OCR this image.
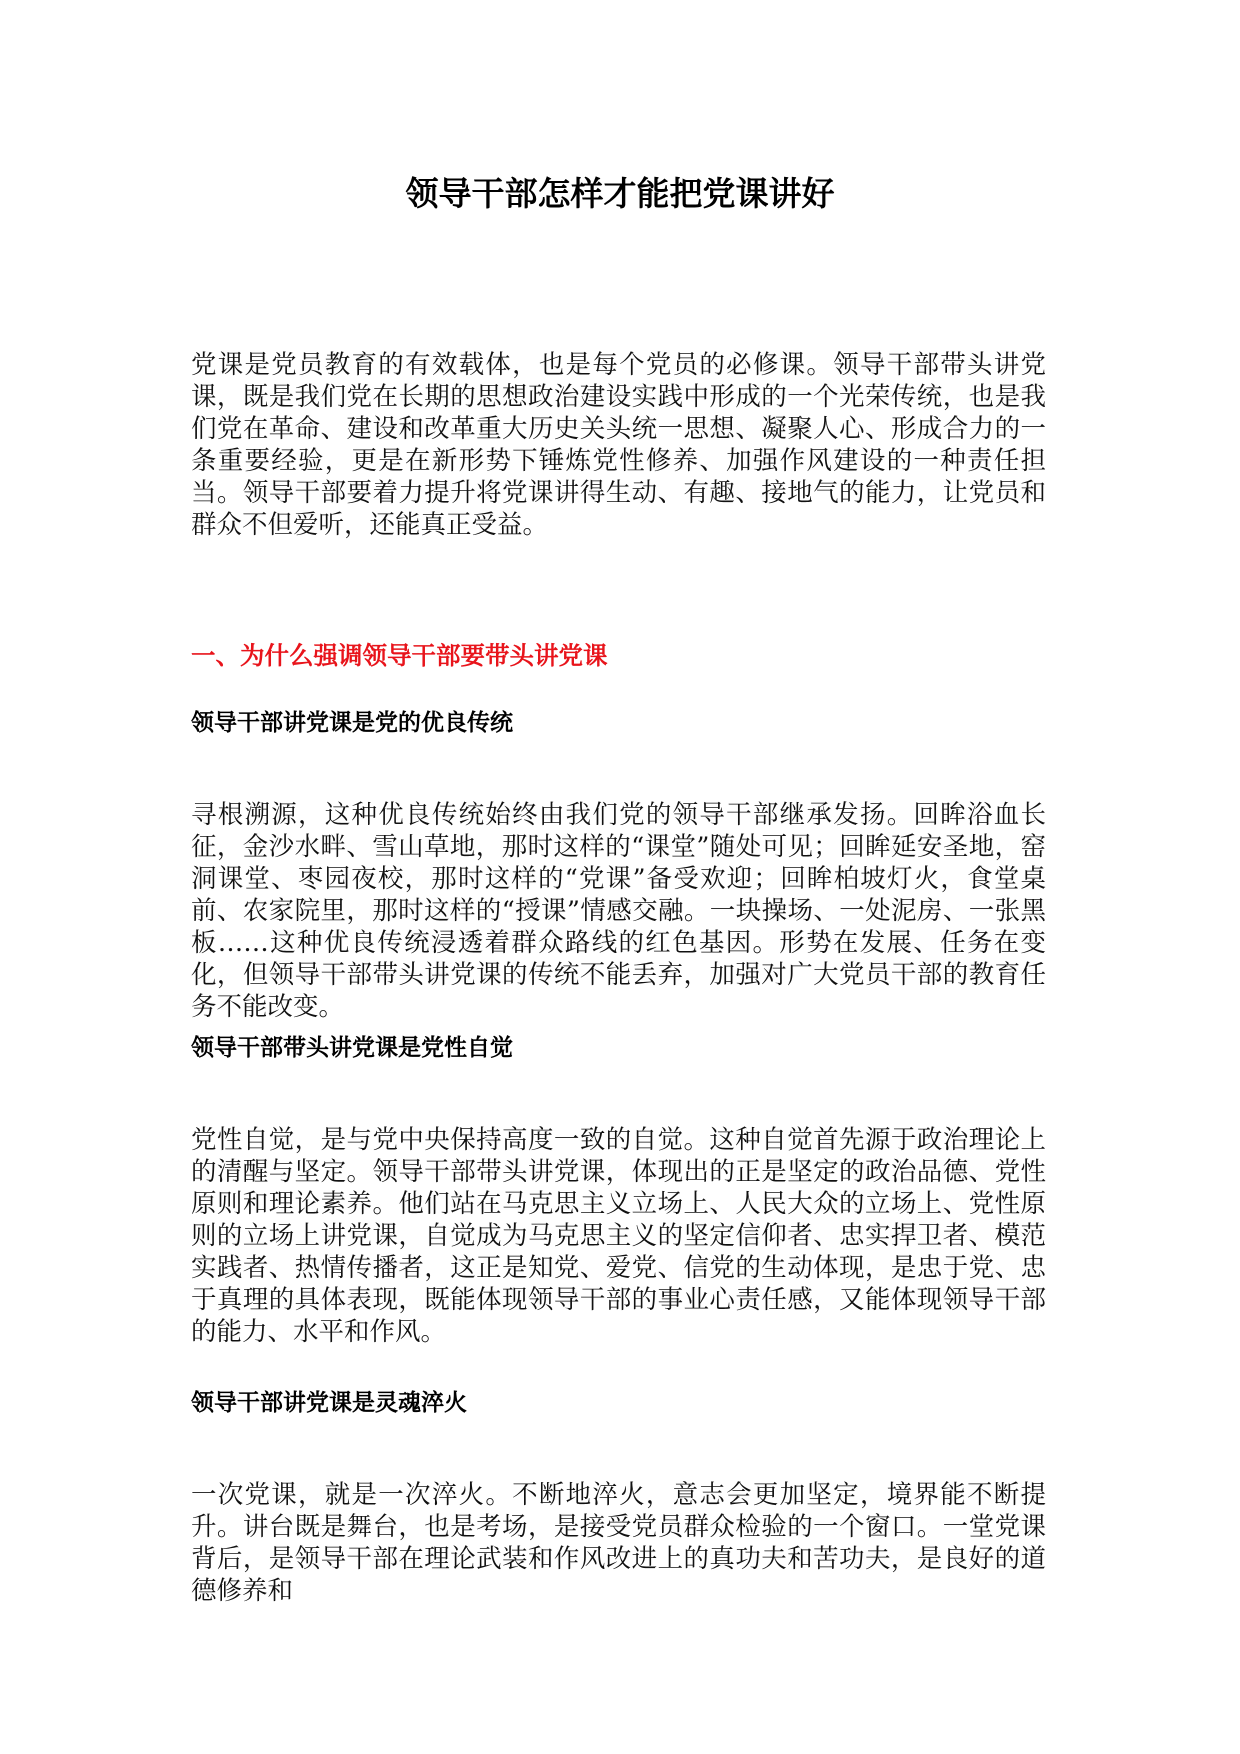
领导干部怎样才能把党课讲好

党课是党员教育的有效载体，也是每个党员的必修课。领导干部带头讲党课，既是我们党在长期的思想政治建设实践中形成的一个光荣传统，也是我们党在革命、建设和改革重大历史关头统一思想、凝聚人心、形成合力的一条重要经验，更是在新形势下锤炼党性修养、加强作风建设的一种责任担当。领导干部要着力提升将党课讲得生动、有趣、接地气的能力，让党员和群众不但爱听，还能真正受益。

一、为什么强调领导干部要带头讲党课
领导干部讲党课是党的优良传统

寻根溯源，这种优良传统始终由我们党的领导干部继承发扬。回眸浴血长征，金沙水畔、雪山草地，那时这样的“课堂”随处可见；回眸延安圣地，窑洞课堂、枣园夜校，那时这样的“党课”备受欢迎；回眸柏坡灯火，食堂桌前、农家院里，那时这样的“授课”情感交融。一块操场、一处泥房、一张黑板……这种优良传统浸透着群众路线的红色基因。形势在发展、任务在变化，但领导干部带头讲党课的传统不能丢弃，加强对广大党员干部的教育任务不能改变。

领导干部带头讲党课是党性自觉

党性自觉，是与党中央保持高度一致的自觉。这种自觉首先源于政治理论上的清醒与坚定。领导干部带头讲党课，体现出的正是坚定的政治品德、党性原则和理论素养。他们站在马克思主义立场上、人民大众的立场上、党性原则的立场上讲党课，自觉成为马克思主义的坚定信仰者、忠实捍卫者、模范实践者、热情传播者，这正是知党、爱党、信党的生动体现，是忠于党、忠于真理的具体表现，既能体现领导干部的事业心责任感，又能体现领导干部的能力、水平和作风。

领导干部讲党课是灵魂淬火

一次党课，就是一次淬火。不断地淬火，意志会更加坚定，境界能不断提升。讲台既是舞台，也是考场，是接受党员群众检验的一个窗口。一堂党课背后，是领导干部在理论武装和作风改进上的真功夫和苦功夫，是良好的道德修养和
